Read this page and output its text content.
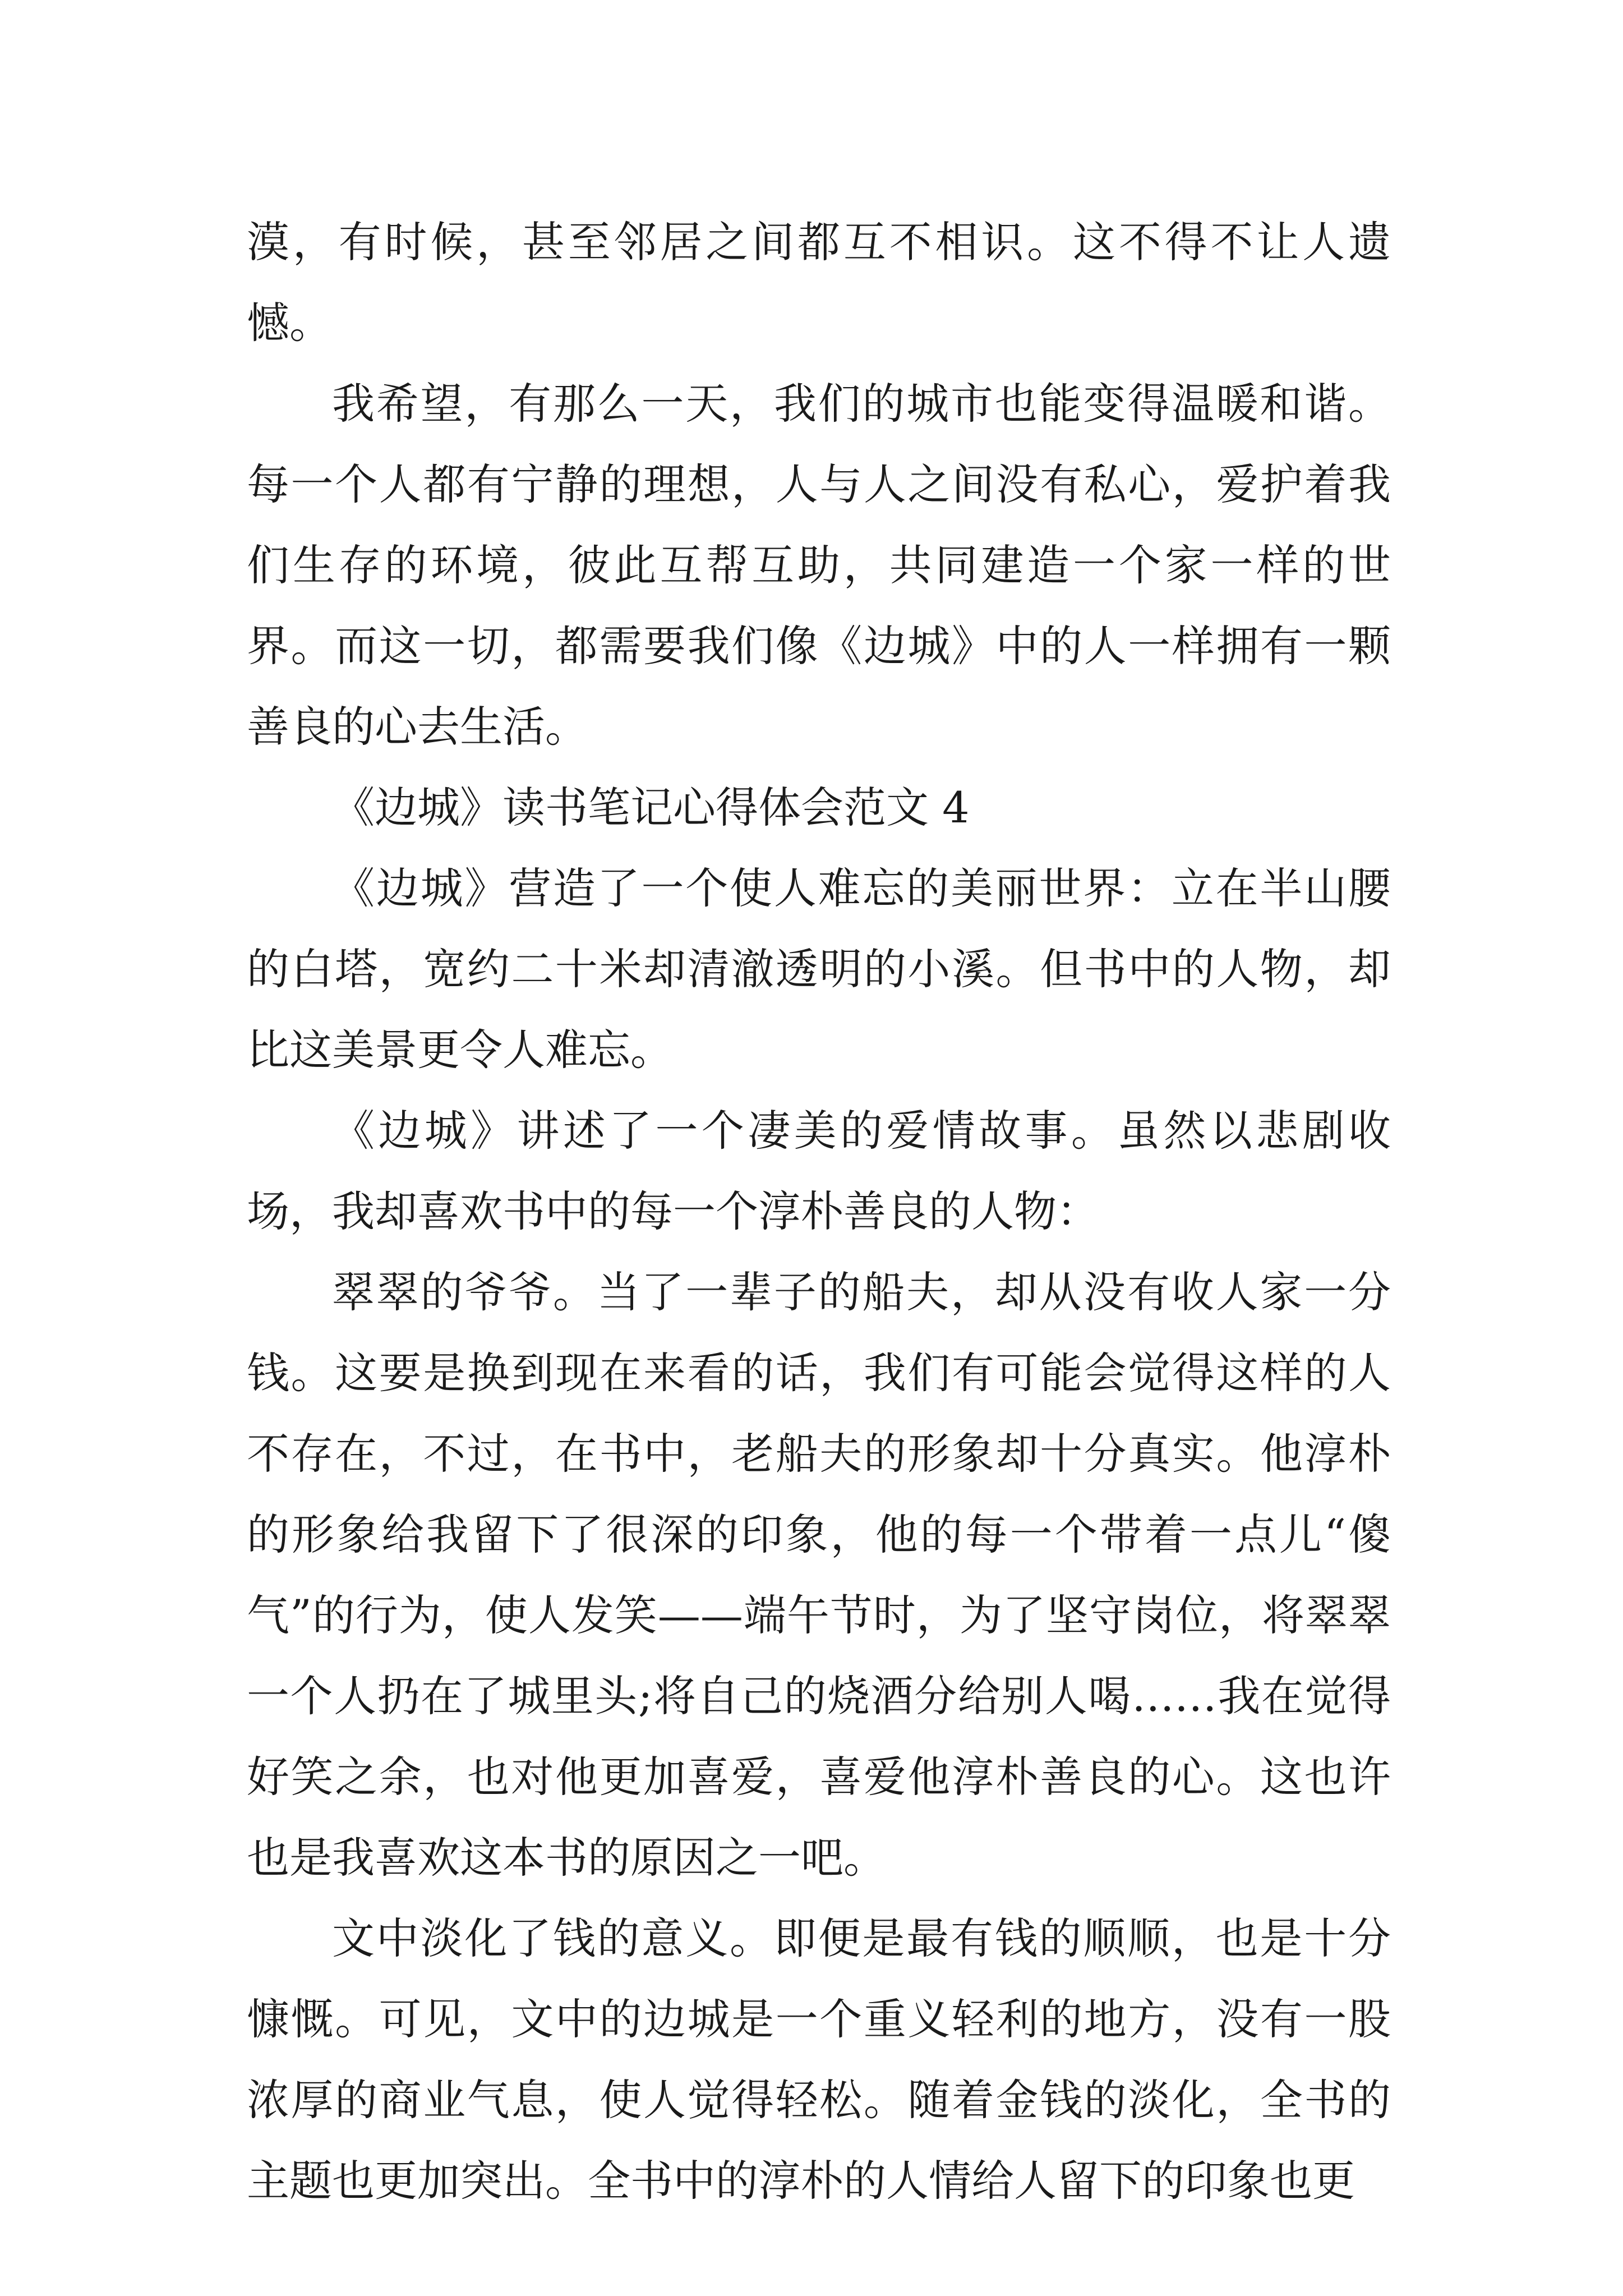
漠，有时候，甚至邻居之间都互不相识。这不得不让人遗憾。

我希望，有那么一天，我们的城市也能变得温暖和谐。每一个人都有宁静的理想，人与人之间没有私心，爱护着我们生存的环境，彼此互帮互助，共同建造一个家一样的世界。而这一切，都需要我们像《边城》中的人一样拥有一颗善良的心去生活。

《边城》读书笔记心得体会范文 4

《边城》营造了一个使人难忘的美丽世界：立在半山腰的白塔，宽约二十米却清澈透明的小溪。但书中的人物，却比这美景更令人难忘。

《边城》讲述了一个凄美的爱情故事。虽然以悲剧收场，我却喜欢书中的每一个淳朴善良的人物：

翠翠的爷爷。当了一辈子的船夫，却从没有收人家一分钱。这要是换到现在来看的话，我们有可能会觉得这样的人不存在，不过，在书中，老船夫的形象却十分真实。他淳朴的形象给我留下了很深的印象，他的每一个带着一点儿“傻气”的行为，使人发笑——端午节时，为了坚守岗位，将翠翠一个人扔在了城里头;将自己的烧酒分给别人喝……我在觉得好笑之余，也对他更加喜爱，喜爱他淳朴善良的心。这也许也是我喜欢这本书的原因之一吧。

文中淡化了钱的意义。即便是最有钱的顺顺，也是十分慷慨。可见，文中的边城是一个重义轻利的地方，没有一股浓厚的商业气息，使人觉得轻松。随着金钱的淡化，全书的主题也更加突出。全书中的淳朴的人情给人留下的印象也更
